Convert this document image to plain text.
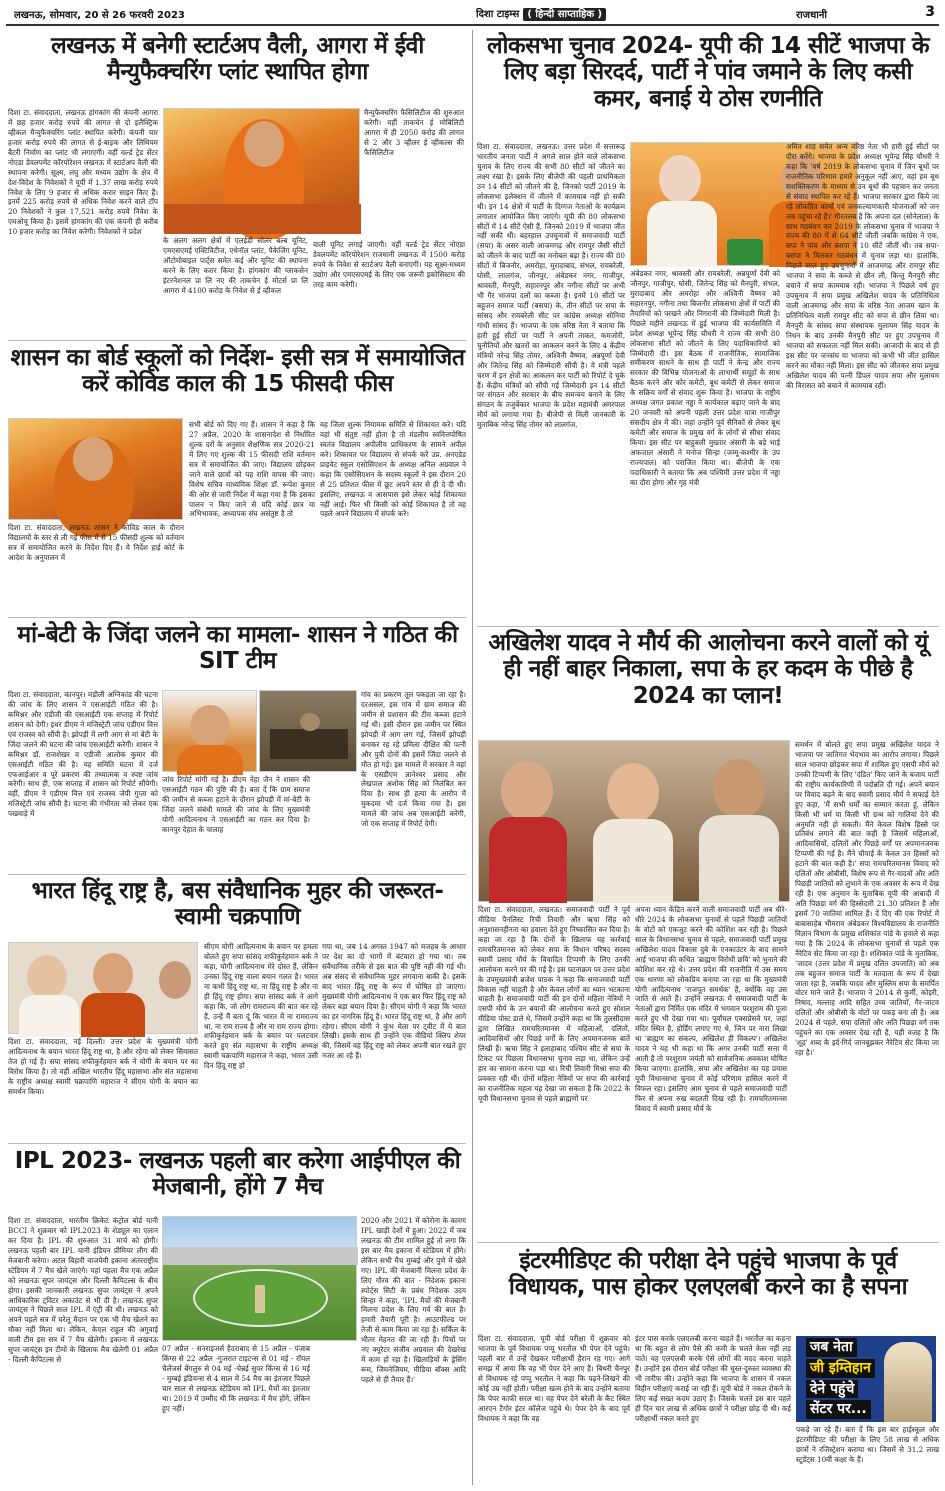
लखनऊ, सोमवार, 20 से 26 फरवरी 2023	दिशा टाइम्स ( हिन्दी साप्ताहिक )	राजधानी	3
लखनऊ में बनेगी स्टार्टअप वैली, आगरा में ईवी मैन्युफैक्चरिंग प्लांट स्थापित होगा
दिशा टा. संवाददाता, लखनऊ हांगकांग की कंपनी आगरा में छह हजार करोड़ रुपये की लागत से दो इलैक्ट्रिक व्हीकल मैन्युफैक्चरिंग प्लांट स्थापित करेगी। कंपनी चार हजार करोड़ रुपये की लागत से ई-बाइक और लिथियम बैटरी निर्माण का प्लांट भी लगाएगी। वहीं वर्ल्ड ट्रेड सेंटर नोएडा डेवलपमेंट कॉरपोरेशन लखनऊ में स्टार्टअप वैली की स्थापना करेगी। सूक्ष्म, लघु और मध्यम उद्योग के क्षेत्र में देश-विदेश के निवेशकों ने यूपी में 1.37 लाख करोड़ रुपये निवेश के लिए 9 हजार से अधिक करार साइन किए हैं। इनमें 225 करोड़ रुपये से अधिक निवेश करने वाले टॉप 20 निवेशकों ने कुल 17,521 करोड़ रुपये निवेश के एमओयू किया है। इसमें हांगकांग की एक कंपनी ही करीब 10 हजार करोड़ का निवेश करेगी। निवेशकों ने प्रदेश
के अलग अलग क्षेत्रों में एलईडी सोलर बल्ब यूनिट, एमएसएमई एक्टिविटीज, एथेनॉल प्लांट, पैकेजिंग यूनिट, ऑटोमोबाइल पार्ट्स समेत कई और यूनिट की स्थापना करने के लिए करार किया है। हांगकांग की ग्लाकसेन इंटरनेशनल प्रा लि नए की ताकचेन ई मोटर्स प्रा लि आगरा में 4100 करोड़ के निवेश से ई व्हीकल
मैन्युफैक्चरिंग फैसिलिटीज की शुरुआत करेगी। वहीं ताकचेन ई मोबिलिटी आगरा में ही 2050 करोड़ की लागत से 2 और 3 व्हीलर ई व्हीकल्स की फैसिलिटीज
वाली यूनिट लगाई जाएगी। वहीं वर्ल्ड ट्रेड सेंटर नोएडा डेवलपमेंट कॉरपोरेशन राजधानी लखनऊ में 1500 करोड़ रुपये के निवेश से स्टार्टअप वैली बनाएगी। यह सूक्ष्म-मध्यम उद्योग और एमएसएमई के लिए एक जरूरी इकोसिस्टम की तरह काम करेगी।
शासन का बोर्ड स्कूलों को निर्देश- इसी सत्र में समायोजित करें कोविड काल की 15 फीसदी फीस
दिशा टा. संवाददाता, लखनऊ शासन ने कोविड काल के दौरान विद्यालयों के स्तर से ली गई फीस में से 15 फीसदी शुल्क को वर्तमान सत्र में समायोजित करने के निर्देश दिए हैं। ये निर्देश हाई कोर्ट के आदेश के अनुपालन में
सभी बोर्ड को दिए गए हैं। शासन ने कहा है कि 27 अप्रैल, 2020 के शासनादेश से निर्धारित शुल्क दरों के अनुसार शैक्षणिक सत्र 2020-21 में लिए गए शुल्क की 15 फीसदी राशि वर्तमान सत्र में समायोजित की जाए। विद्यालय छोड़कर जाने वाले छात्रों को यह राशि वापस की जाए। विशेष सचिव माध्यमिक शिक्षा डॉ. रूपेश कुमार की ओर से जारी निर्देश में कहा गया है कि इसका पालन न किए जाने से यदि कोई छात्र या अभिभावक, अध्यापक संघ असंतुष्ट है तो
वह जिला शुल्क नियामक समिति से शिकायत करे। यदि वहां भी संतुष्ट नहीं होता है तो मंडलीय स्ववित्तपोषित स्वतंत्र विद्यालय अपीलीय प्राधिकरण के सामने अपील करे। शिकायत पर विद्यालय से संपर्क करें उप्र. अनएडेड प्राइवेट स्कूल एसोसिएशन के अध्यक्ष अनिल अग्रवाल ने कहा कि एसोसिएशन के सदस्य स्कूलों ने इस दौरान 20 से 25 प्रतिशत फीस में छूट अपने स्तर से ही दे दी थी। इसलिए, लखनऊ व आसपास इसे लेकर कोई शिकायत नहीं आई। फिर भी किसी को कोई शिकायत है तो वह पहले अपने विद्यालय में संपर्क करे।
मां-बेटी के जिंदा जलने का मामला- शासन ने गठित की SIT टीम
दिशा टा. संवाददाता, कानपुर। मड़ौली अग्निकांड की घटना की जांच के लिए शासन ने एसआईटी गठित की है। कमिश्नर और एडीजी की एसआईटी एक सप्ताह में रिपोर्ट शासन को देगी। इधर डीएम ने मजिस्ट्रेटी जांच एडीएम वित्त एवं राजस्व को सौंपी है। झोपड़ी में लगी आग से मां बेटी के जिंदा जलने की घटना की जांच एसआईटी करेगी। शासन ने कमिश्नर डॉ. राजशेखर व एडीजी आलोक कुमार की एसआईटी गठित की है। यह समिति घटना में दर्ज एफआईआर व पूरे प्रकरण की तथ्यात्मक व स्पष्ट जांच करेगी। साथ ही, एक सप्ताह में शासन को रिपोर्ट सौंपेगी। वहीं, डीएम ने एडीएम वित्त एवं राजस्व जेपी गुप्ता को मजिस्ट्रेटी जांच सौंपी है। घटना की गंभीरता को लेकर एक पखवाड़े में
जांच रिपोर्ट मांगी गई है। डीएम नेहा जैन ने शासन की एसआईटी गठन की पुष्टि की है। बता दें कि ग्राम समाज की जमीन से कब्जा हटाने के दौरान झोपड़ी में मां-बेटी के जिंदा जलने संबंधी मामले की जांच के लिए मुख्यमंत्री योगी आदित्यनाथ ने एसआईटी का गठन कर दिया है। कानपुर देहात के चालाह
गांव का प्रकरण तूल पकड़ता जा रहा है। दरअसल, इस गांव में ग्राम समाज की जमीन से प्रशासन की टीम कब्जा हटाने गई थी। इसी दौरान इस जमीन पर स्थित झोपड़ी में आग लग गई, जिसमें झोपड़ी बनाकर रह रहे प्रमिला दीक्षित की पत्नी और पुत्री दोनों की इसमें जिंदा जलने से मौत हो गई। इस मामले में सरकार ने वहां के एसडीएम ज्ञानेश्वर प्रसाद और लेखपाल अशोक सिंह को निलंबित कर दिया है। साथ ही हत्या के आरोप में मुकदमा भी दर्ज किया गया है। इस मामले की जांच अब एसआईटी करेगी, जो एक सप्ताह में रिपोर्ट देगी।
भारत हिंदू राष्ट्र है, बस संवैधानिक मुहर की जरूरत- स्वामी चक्रपाणि
दिशा टा. संवाददाता, नई दिल्ली। उत्तर प्रदेश के मुख्यमंत्री योगी आदित्यनाथ के बयान भारत हिंदू राष्ट्र था, है और रहेगा को लेकर सियासत तेज हो गई है। सपा सांसद शफीकुर्रहमान बर्क ने योगी के बयान पर का विरोध किया है। तो वहीं अखिल भारतीय हिंदू महासभा और संत महासभा के राष्ट्रीय अध्यक्ष स्वामी चक्रपाणि महाराज ने सीएम योगी के बयान का समर्थन किया।
सीएम योगी आदित्यनाथ के बयान पर हमला बोलते हुए सपा सांसद शफीकुर्रहमान बर्क ने कहा, योगी आदित्यनाथ मेरे दोस्त हैं, लेकिन उनका हिंदू राष्ट्र वाला बयान गलत है। भारत ना कभी हिंदू राष्ट्र था, ना हिंदू राष्ट्र है और ना ही हिंदू राष्ट्र होगा। सपा सांसद बर्क ने आगे कहा कि, जो लोग रामराज्य की बात कर रहे हैं, उन्हें मैं बता दूं कि भारत में ना रामराज्य था, ना राम राज्य है और ना राम राज्य होगा। शफीकुर्रहमान बर्क के बयान पर पलटवार करते हुए संत महासभा के राष्ट्रीय अध्यक्ष स्वामी चक्रपाणि महाराज ने कहा, भारत उसी दिन हिंदू राष्ट्र हो
गया था, जब 14 अगस्त 1947 को मजहब के आधार पर देश का दो भागों में बंटवारा हो गया था। तब संवैधानिक तरीके से इस बात की पुष्टि नहीं की गई थी। अब संसद से संवैधानिक मुहर लगवाना बाकी है। इसके बाद भारत हिंदू राष्ट्र के रूप में घोषित हो जाएगा। मुख्यमंत्री योगी आदित्यनाथ ने एक बार फिर हिंदू राष्ट्र को लेकर बड़ा बयान दिया है। सीएम योगी ने कहा कि भारत का हर नागरिक हिंदू है। भारत हिंदू राष्ट्र था, है और आगे रहेगा। सीएम योगी ने कुंभ मेला पर ट्वीट में ये बात लिखी। इसके साथ ही उन्होंने एक वीडियो क्लिप शेयर की, जिसमें वह हिंदू राष्ट्र को लेकर अपनी बात रखते हुए नजर आ रहे हैं।
IPL 2023- लखनऊ पहली बार करेगा आईपीएल की मेजबानी, होंगे 7 मैच
दिशा टा. संवाददाता, भारतीय क्रिकेट कंट्रोल बोर्ड यानी BCCI ने शुक्रवार को IPL2023 के शेड्यूल का एलान कर दिया है। IPL की शुरुआत 31 मार्च को होगी। लखनऊ पहली बार IPL यानी इंडियन प्रीमियर लीग की मेजबानी करेगा। अटल बिहारी वाजपेयी इकाना अंतरराष्ट्रीय स्टेडियम में 7 मैच खेले जाएंगे। यहां पहला मैच एक अप्रैल को लखनऊ सुपर जायंट्स और दिल्ली कैपिटल्स के बीच होगा। इसकी जानकारी लखनऊ सुपर जायंट्स ने अपने आधिकारिक ट्विटर अकाउंट से भी दी है। लखनऊ सुपर जायंट्स ने पिछले साल IPL में एंट्री की थी। लखनऊ को अपने पहले सत्र में घरेलू मैदान पर एक भी मैच खेलने का मौका नहीं मिला था। लेकिन, केएल राहुल की अगुवाई वाली टीम इस सत्र में 7 मैच खेलेगी। इकाना में लखनऊ सुपर जायंट्स इन टीमों के खिलाफ मैच खेलेगी 01 अप्रैल - दिल्ली कैपिटल्स से
07 अप्रैल - सनराइजर्स हैदराबाद से 15 अप्रैल - पंजाब किंग्स से 22 अप्रैल -गुजरात टाइटन्स से 01 मई - रॉयल चैलेंजर्स बेंगलुरु से 04 मई -चेन्नई सुपर किंग्स से 16 मई - मुम्बई इंडियन्स से 4 साल में 54 मैच का इंतजार पिछले चार साल से लखनऊ स्टेडियम को IPL मैचों का इंतजार था। 2019 में उम्मीद थी कि लखनऊ में मैच होंगे, लेकिन हुए नहीं।
2020 और 2021 में कोरोना के कारण IPL खाड़ी देशों में हुआ। 2022 में जब लखनऊ की टीम शामिल हुई तो लगा कि इस बार मैच इकाना में स्टेडियम में होंगे। लेकिन सभी मैच मुम्बई और पुणे में खेले गए। IPL की मेजबानी मिलना प्रदेश के लिए गौरव की बात - निदेशक इकाना स्पोर्ट्स सिटी के प्रबंध निदेशक उदय सिन्हा ने कहा, 'IPL मैचों की मेजबानी मिलना प्रदेश के लिए गर्व की बात है। हमारी तैयारी पूरी है। आउटफील्ड पर तेजी से काम किया जा रहा है। सर्किल के भीतर मेहनत की जा रही है। पिचों पर नए क्यूरेटर संजीव अग्रवाल की देखरेख में काम हो रहा है। खिलाड़ियों के ड्रेसिंग रूम, जिमनेजियम, मीडिया बॉक्स आदि पहले से ही तैयार हैं।'
लोकसभा चुनाव 2024- यूपी की 14 सीटें भाजपा के लिए बड़ा सिरदर्द, पार्टी ने पांव जमाने के लिए कसी कमर, बनाई ये ठोस रणनीति
दिशा टा. संवाददाता, लखनऊ। उत्तर प्रदेश में सत्तारूढ़ भारतीय जनता पार्टी ने अगले साल होने वाले लोकसभा चुनाव के लिए राज्य की सभी 80 सीटों को जीतने का लक्ष्य रखा है। इसके लिए बीजेपी की पहली प्राथमिकता उन 14 सीटों को जीतने की है, जिनको पार्टी 2019 के लोकसभा इलेक्शन में जीतने में कामयाब नहीं हो सकी थी। इन 14 क्षेत्रों में पार्टी के दिग्गज नेताओं के कार्यक्रम लगातार आयोजित किए जाएंगे। यूपी की 80 लोकसभा सीटों में 14 सीटें ऐसी हैं, जिनको 2019 में भाजपा जीत नहीं सकी थी। बहरहाल उपचुनावों में समाजवादी पार्टी (सपा) के असर वाली आजमगढ़ और रामपुर जैसी सीटों को जीतने के बाद पार्टी का मनोबल बढ़ा है। राज्य की 80 सीटों में बिजनौर, अमरोहा, मुरादाबाद, संभल, रायबरेली, घोसी, लालगंज, जौनपुर, अंबेडकर नगर, गाजीपुर, श्रावस्ती, मैनपुरी, सहारनपुर और नगीना सीटों पर अभी भी गैर भाजपा दलों का कब्जा है। इनमें 10 सीटों पर बहुजन समाज पार्टी (बसपा) के, तीन सीटों पर सपा के सांसद और रायबरेली सीट पर कांग्रेस अध्यक्ष सोनिया गांधी सांसद हैं। भाजपा के एक वरिष्ठ नेता ने बताया कि हारी हुई सीटों पर पार्टी ने अपनी ताकत, कमजोरी, चुनौतियों और खतरों का आकलन करने के लिए 4 केंद्रीय मंत्रियों नरेन्द्र सिंह तोमर, अश्विनी वैष्णव, अन्नपूर्णा देवी और जितेन्द्र सिंह को जिम्मेदारी सौंपी है। ये मंत्री पहले चरण में इन क्षेत्रों का आकलन कर पार्टी को रिपोर्ट दे चुके हैं। केंद्रीय मंत्रियों को सौंपी गई जिम्मेदारी इन 14 सीटों पर संगठन और सरकार के बीच समन्वय बनाने के लिए संगठन के तजुर्बेकार भाजपा के प्रदेश महामंत्री अमरपाल मौर्य को लगाया गया है। बीजेपी से मिली जानकारी के मुताबिक नरेन्द्र सिंह तोमर को लालगंज,
अंबेडकर नगर, श्रावस्ती और रायबरेली, अन्नपूर्णा देवी को जौनपुर, गाजीपुर, घोसी, जितेन्द्र सिंह को मैनपुरी, संभल, मुरादाबाद और अमरोहा और अश्विनी वैष्णव को सहारनपुर, नगीना तथा बिजनौर लोकसभा क्षेत्रों में पार्टी की तैयारियों को परखने और निगरानी की जिम्मेदारी मिली है। पिछले महीने लखनऊ में हुई भाजपा की कार्यसमिति में प्रदेश अध्यक्ष भूपेन्द्र सिंह चौधरी ने राज्य की सभी 80 लोकसभा सीटों को जीतने के लिए पदाधिकारियों को जिम्मेदारी दी। इस बैठक में राजनीतिक, सामाजिक समीकरण साधने के साथ ही पार्टी ने केन्द्र और राज्य सरकार की विभिन्न योजनाओं के लाभार्थी समूहों के साथ बैठक करने और कोर कमेटी, बूथ कमेटी से लेकर समाज के सक्रिय वर्गों से संवाद शुरू किया है। भाजपा के राष्ट्रीय अध्यक्ष जगत प्रकाश नड्डा ने कार्यकाल बढ़ाए जाने के बाद 20 जनवरी को अपनी पहली उत्तर प्रदेश यात्रा गाजीपुर संसदीय क्षेत्र में की। जहां उन्होंने पूर्व सैनिकों से लेकर बूथ कमेटी और समाज के प्रमुख वर्ग के लोगों से सीधा संवाद किया। इस सीट पर बाहुबली मुख्तार अंसारी के बड़े भाई अफजाल अंसारी ने मनोज सिन्हा (जम्मू-कश्मीर के उप राज्यपाल) को पराजित किया था। बीजेपी के एक पदाधिकारी ने बताया कि अब पश्चिमी उत्तर प्रदेश में नड्डा का दौरा होगा और गृह मंत्री
अमित शाह समेत अन्य वरिष्ठ नेता भी हारी हुई सीटों पर दौरा करेंगे। भाजपा के प्रदेश अध्यक्ष भूपेन्द्र सिंह चौधरी ने कहा कि 'वर्ष 2019 के लोकसभा चुनाव में जिन बूथों पर राजनीतिक परिणाम हमारे अनुकूल नहीं आए, वहां हम बूथ सशक्तिकरण के माध्यम से उन बूथों की पहचान कर जनता से संवाद स्थापित कर रहे हैं। भाजपा सरकार द्वारा किये जा रहे लोकहित कार्यों एवं जनकल्याणकारी योजनाओं को जन तक पहुंचा रहे हैं।' गौरतलब है कि अपना दल (सोनेलाल) के साथ गठबंधन कर 2019 के लोकसभा चुनाव में भाजपा ने राज्य की 80 में से 64 सीटें जीतीं जबकि कांग्रेस ने एक, सपा ने पांच और बसपा ने 10 सीटें जीतीं थी। तब सपा-बसपा ने मिलकर गठबंधन में चुनाव लड़ा था। हालांकि, पिछले साल हुए उपचुनावों में आजमगढ़ और रामपुर सीट भाजपा ने सपा के कब्जे से छीन ली, किन्तु मैनपुरी सीट बचाने में सपा कामयाब रही। भाजपा ने पिछले वर्ष हुए उपचुनाव में सपा प्रमुख अखिलेश यादव के प्रतिनिधित्व वाली आजमगढ़ और सपा के वरिष्ठ नेता आजम खान के प्रतिनिधित्व वाली रामपुर सीट को सपा से छीन लिया था। मैनपुरी के सांसद सपा संस्थापक मुलायम सिंह यादव के निधन के बाद उनकी मैनपुरी सीट पर हुए उपचुनाव में भाजपा को सफलता नहीं मिल सकी। आजादी के बाद से ही इस सीट पर जनसंघ या भाजपा को कभी भी जीत हासिल करने का मौका नहीं मिला। इस सीट को जीतकर सपा प्रमुख अखिलेश यादव की पत्नी डिंपल यादव सपा और मुलायम की विरासत को बचाने में कामयाब रहीं।
अखिलेश यादव ने मौर्य की आलोचना करने वालों को यूं ही नहीं बाहर निकाला, सपा के हर कदम के पीछे है 2024 का प्लान!
दिशा टा. संवाददाता, लखनऊ। समाजवादी पार्टी ने पूर्व मीडिया पैनलिस्ट रिची तिवारी और ऋचा सिंह को अनुशासनहीनता का हवाला देते हुए निष्कासित कर दिया है। कहा जा रहा है कि दोनों के खिलाफ यह कार्रवाई रामचरितमानस को लेकर सपा के विधान परिषद सदस्य स्वामी प्रसाद मौर्य के विवादित टिप्पणी के लिए उनकी आलोचना करने पर की गई है। इस घटनाक्रम पर उत्तर प्रदेश के उपमुख्यमंत्री ब्रजेश पाठक ने कहा कि समाजवादी पार्टी विकास नहीं चाहती है और केवल लोगों का ध्यान भटकाना चाहती है। समाजवादी पार्टी की इन दोनों महिला नेत्रियों ने एसपी मौर्य के उन बयानों की आलोचना करते हुए सोशल मीडिया पोस्ट डाले थे, जिसमें उन्होंने कहा था कि तुलसीदास द्वारा लिखित रामचरितमानस में महिलाओं, दलितों, आदिवासियों और पिछड़े वर्गों के लिए अपमानजनक बातें लिखी हैं। ऋचा सिंह ने इलाहाबाद पश्चिम सीट से सपा के टिकट पर पिछला विधानसभा चुनाव लड़ा था, लेकिन उन्हें हार का सामना करना पड़ा था। रिची तिवारी मिश्रा सपा की प्रवक्ता रही थीं। दोनों महिला नेत्रियों पर सपा की कार्रवाई का राजनीतिक महत्व यह देखा जा सकता है कि 2022 के यूपी विधानसभा चुनाव से पहले ब्राह्मणों पर
अपना ध्यान केंद्रित करने वाली समाजवादी पार्टी अब धीरे-धीरे 2024 के लोकसभा चुनावों से पहले पिछड़ी जातियों के वोटों को एकजुट करने की कोशिश कर रही है। पिछले साल के विधानसभा चुनाव से पहले, समाजवादी पार्टी प्रमुख अखिलेश यादव विकास दुबे के एनकाउंटर के बाद सामने आई भाजपा की कथित 'ब्राह्मण विरोधी छवि' को भुनाने की कोशिश कर रहे थे। उत्तर प्रदेश की राजनीति में उस समय एक धारणा को लोकप्रिय बनाया जा रहा था कि मुख्यमंत्री योगी आदित्यनाथ 'राजपूत समर्थक' हैं, क्योंकि वह उस जाति से आते हैं। उन्होंने लखनऊ में समाजवादी पार्टी के नेताओं द्वारा निर्मित एक मंदिर में भगवान परशुराम की पूजा करते हुए भी देखा गया था। पूर्वांचल एक्सप्रेसवे पर, जहां मंदिर स्थित है, होर्डिंग लगाए गए थे, जिन पर नारा लिखा था 'ब्राह्मण का संकल्प, अखिलेश ही विकल्प'। अखिलेश यादव ने यह भी कहा था कि अगर उनकी पार्टी सत्ता में आती है तो परशुराम जयंती को सार्वजनिक अवकाश घोषित किया जाएगा। हालांकि, सपा और अखिलेश का यह प्रयास यूपी विधानसभा चुनाव में कोई परिणाम हासिल करने में विफल रहा। इसलिए आम चुनाव से पहले समाजवादी पार्टी फिर से अपना रुख बदलती दिख रही है। रामचरितमानस विवाद में स्वामी प्रसाद मौर्य के
समर्थन में बोलते हुए सपा प्रमुख अखिलेश यादव ने भाजपा पर जातिगत भेदभाव का आरोप लगाया। पिछले साल भाजपा छोड़कर सपा में शामिल हुए एसपी मौर्य को उनकी टिप्पणी के लिए 'दंडित' किए जाने के बजाय पार्टी की राष्ट्रीय कार्यकारिणी में पदोन्नति दी गई। अपने बयान पर विवाद बढ़ने के बाद स्वामी प्रसाद मौर्य ने सफाई देते हुए कहा, 'मैं सभी धर्मों का सम्मान करता हूं, लेकिन किसी भी धर्म या किसी भी ग्रन्थ को गालियां देने की अनुमति नहीं हो सकती। मैंने केवल विशेष हिस्से पर प्रतिबंध लगाने की बात कही है जिसमें महिलाओं, आदिवासियों, दलितों और पिछड़े वर्गों पर अपमानजनक टिप्पणी की गई है। मैंने चौपाई के केवल उन हिस्सों को हटाने की बात कही है।' सपा रामचरितमानस विवाद को दलितों और ओबीसी, विशेष रूप से गैर-यादवों और अति पिछड़ी जातियों को लुभाने के एक अवसर के रूप में देख रही है। एक अनुमान के मुताबिक यूपी की आबादी में अति पिछड़ा वर्ग की हिस्सेदारी 21.30 प्रतिशत है और इसमें 70 जातियां शामिल हैं। दें दिए की एक रिपोर्ट में बाबासाहेब भीमराव अंबेडकर विश्वविद्यालय के राजनीति विज्ञान विभाग के प्रमुख शशिकांत पांडे के हवाले से कहा गया है कि 2024 के लोकसभा चुनावों से पहले एक नैरेटिव सेट किया जा रहा है। शशिकांत पांडे के मुताबिक, 'जादव (उत्तर प्रदेश में प्रमुख दलित उपजाति) को अब तक बहुजन समाज पार्टी के मतदाता के रूप में देखा जाता रहा है, जबकि यादव और मुस्लिम सपा के समर्पित वोटर माने जाते हैं। भाजपा ने 2014 से कुर्मी, कोइरी, निषाद, मल्लाह आदि सहित उच्च जातियों, गैर-जाटव दलितों और ओबीसी के वोटों पर पकड़ बना ली है। अब 2024 से पहले, सपा दलितों और अति पिछड़ा वर्ग तक पहुंचने का एक अवसर देख रही है, यही वजह है कि 'शूद्र' शब्द के इर्द-गिर्द जानबूझकर नैरेटिव सेट किया जा रहा है।'
इंटरमीडिएट की परीक्षा देने पहुंचे भाजपा के पूर्व विधायक, पास होकर एलएलबी करने का है सपना
दिशा टा. संवाददाता, यूपी बोर्ड परीक्षा में शुक्रवार को भाजपा के पूर्व विधायक पप्पू भरतौल भी पेपर देने पहुंचे। पहली बार में उन्हें देखकर परीक्षार्थी हैरान रह गए। आगे समझ में आया कि वह भी पेपर देने आए हैं। बिथरी चैनपुर से विधायक रहे पप्पू भरतौल ने कहा कि पढ़ने-लिखने की कोई उम्र नहीं होती। परीक्षा खत्म होने के बाद उन्होंने बताया कि पेपर काफी सरल था। वह पेपर देने बरेली के कैंट स्थित आरएन टैगोर इंटर कॉलेज पहुंचे थे। पेपर देने के बाद पूर्व विधायक ने कहा कि वह
इंटर पास करके एलएलबी करना चाहते हैं। भरतौल का कहना था कि बहुत से लोग पैसे की कमी के चलते केस नहीं लड़ पाते। वह एलएलबी करके ऐसे लोगों की मदद करना चाहते हैं। उन्होंने इस दौरान बोर्ड परीक्षा की चुस्त-दुरुस्त व्यवस्था की भी तारीफ की। उन्होंने कहा कि भाजपा के शासन में नकल विहीन परीक्षाएं कराई जा रही हैं। यूपी बोर्ड ने नकल रोकने के लिए कई सख्त कदम उठाए हैं। जिसके चलते इस बार पहले ही दिन चार लाख से अधिक छात्रों ने परीक्षा छोड़ दी थी। कई परीक्षार्थी नकल करते हुए
जब नेता
जी इम्तिहान
देने पहुंचे
सेंटर पर...
पकड़े जा रहे हैं। बता दें कि इस बार हाईस्कूल और इंटरमीडिएट की परीक्षा के लिए 58 लाख से अधिक छात्रों ने रजिस्ट्रेशन कराया था। जिसमें से 31.2 लाख स्टूडेंट्स 10वीं कक्षा के हैं।
